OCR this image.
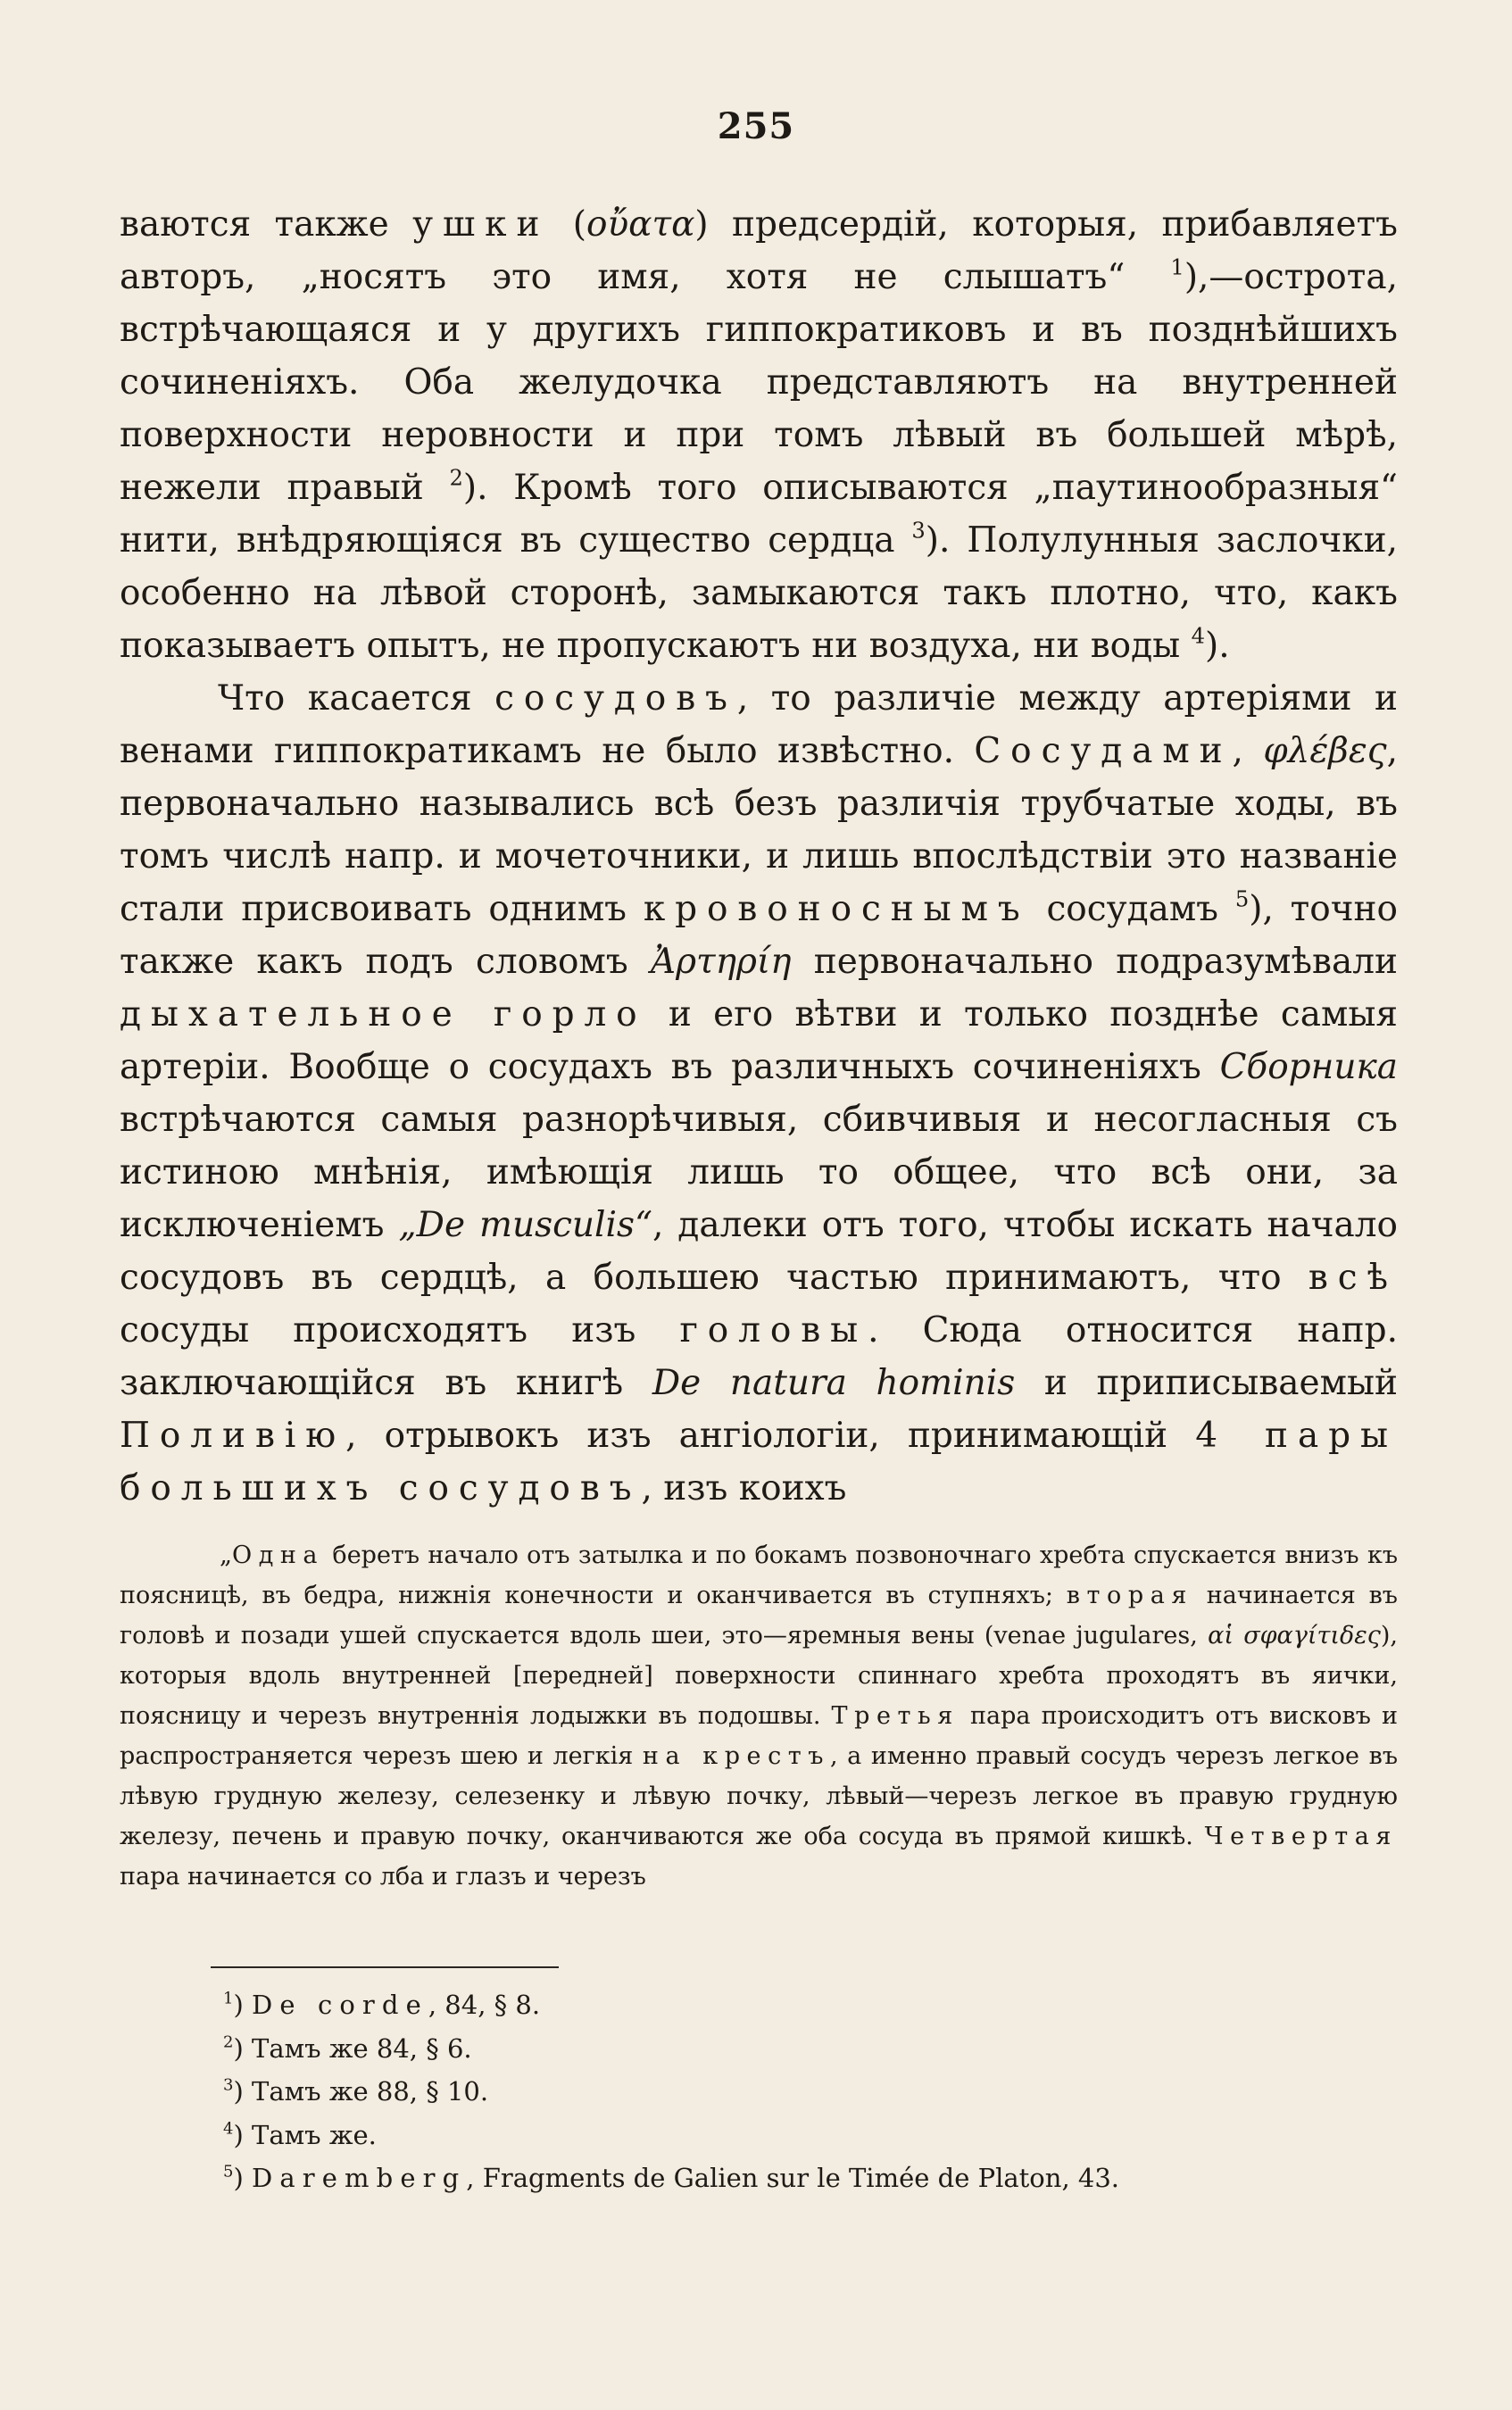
255

ваются также ушки (οὔατα) предсердій, которыя, прибавляетъ авторъ, „носятъ это имя, хотя не слышатъ“ $^1$),—острота, встрѣчающаяся и у другихъ гиппократиковъ и въ позднѣйшихъ сочиненіяхъ. Оба желудочка представляютъ на внутренней поверхности неровности и при томъ лѣвый въ большей мѣрѣ, нежели правый $^2$). Кромѣ того описываются „паутинообразныя“ нити, внѣдряющіяся въ существо сердца $^3$). Полулунныя заслочки, особенно на лѣвой сторонѣ, замыкаются такъ плотно, что, какъ показываетъ опытъ, не пропускаютъ ни воздуха, ни воды $^4$).

Что касается сосудовъ, то различіе между артеріями и венами гиппократикамъ не было извѣстно. Сосудами, φλέβες, первоначально назывались всѣ безъ различія трубчатые ходы, въ томъ числѣ напр. и мочеточники, и лишь впослѣдствіи это названіе стали присвоивать однимъ кровоноснымъ сосудамъ $^5$), точно также какъ подъ словомъ Ἀρτηρίη первоначально подразумѣвали дыхательное горло и его вѣтви и только позднѣе самыя артеріи. Вообще о сосудахъ въ различныхъ сочиненіяхъ Сборника встрѣчаются самыя разнорѣчивыя, сбивчивыя и несогласныя съ истиною мнѣнія, имѣющія лишь то общее, что всѣ они, за исключеніемъ „De musculis“, далеки отъ того, чтобы искать начало сосудовъ въ сердцѣ, а большею частью принимаютъ, что всѣ сосуды происходятъ изъ головы. Сюда относится напр. заключающійся въ книгѣ De natura hominis и приписываемый Поливію, отрывокъ изъ ангіологіи, принимающій 4 пары большихъ сосудовъ, изъ коихъ

„Одна беретъ начало отъ затылка и по бокамъ позвоночнаго хребта спускается внизъ къ поясницѣ, въ бедра, нижнія конечности и оканчивается въ ступняхъ; вторая начинается въ головѣ и позади ушей спускается вдоль шеи, это—яремныя вены (venae jugulares, αἱ σφαγίτιδες), которыя вдоль внутренней [передней] поверхности спиннаго хребта проходятъ въ яички, поясницу и черезъ внутреннія лодыжки въ подошвы. Третья пара происходитъ отъ висковъ и распространяется черезъ шею и легкія на крестъ, а именно правый сосудъ черезъ легкое въ лѣвую грудную железу, селезенку и лѣвую почку, лѣвый—черезъ легкое въ правую грудную железу, печень и правую почку, оканчиваются же оба сосуда въ прямой кишкѣ. Четвертая пара начинается со лба и глазъ и черезъ

$^1$) De corde, 84, § 8.
$^2$) Тамъ же 84, § 6.
$^3$) Тамъ же 88, § 10.
$^4$) Тамъ же.
$^5$) Daremberg, Fragments de Galien sur le Timée de Platon, 43.
